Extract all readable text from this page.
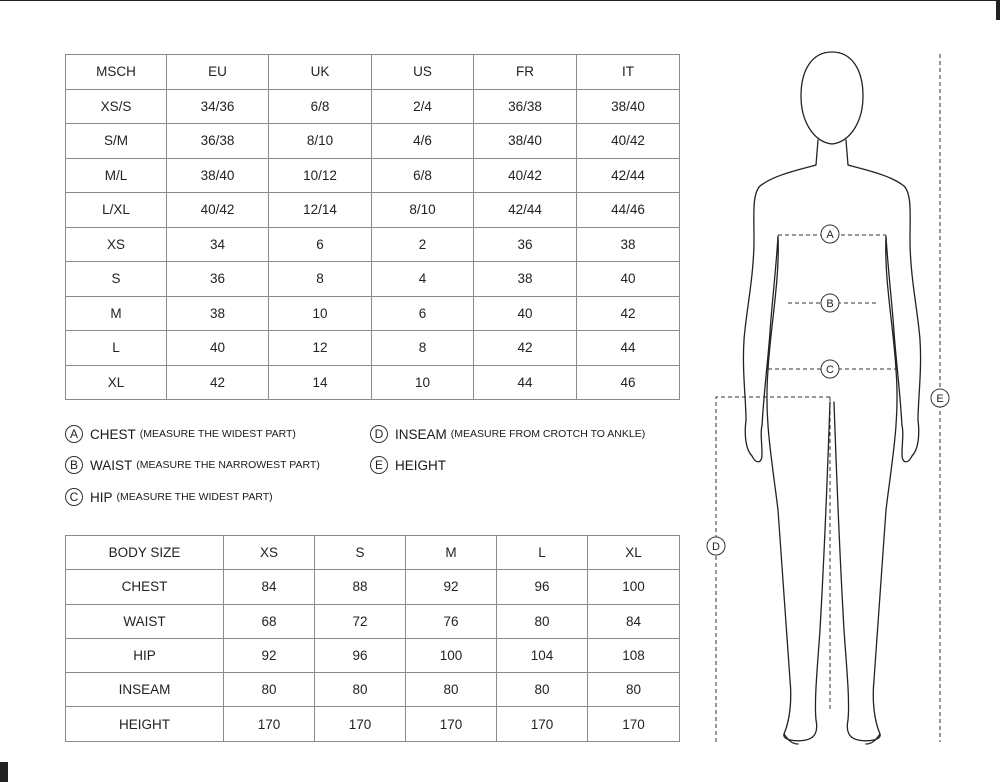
MSCH	EU	UK	US	FR	IT
XS/S	34/36	6/8	2/4	36/38	38/40
S/M	36/38	8/10	4/6	38/40	40/42
M/L	38/40	10/12	6/8	40/42	42/44
L/XL	40/42	12/14	8/10	42/44	44/46
XS	34	6	2	36	38
S	36	8	4	38	40
M	38	10	6	40	42
L	40	12	8	42	44
XL	42	14	10	44	46
A CHEST (MEASURE THE WIDEST PART)
B WAIST (MEASURE THE NARROWEST PART)
C HIP (MEASURE THE WIDEST PART)
D INSEAM (MEASURE FROM CROTCH TO ANKLE)
E HEIGHT
BODY SIZE	XS	S	M	L	XL
CHEST	84	88	92	96	100
WAIST	68	72	76	80	84
HIP	92	96	100	104	108
INSEAM	80	80	80	80	80
HEIGHT	170	170	170	170	170
A
B
C
D
E
